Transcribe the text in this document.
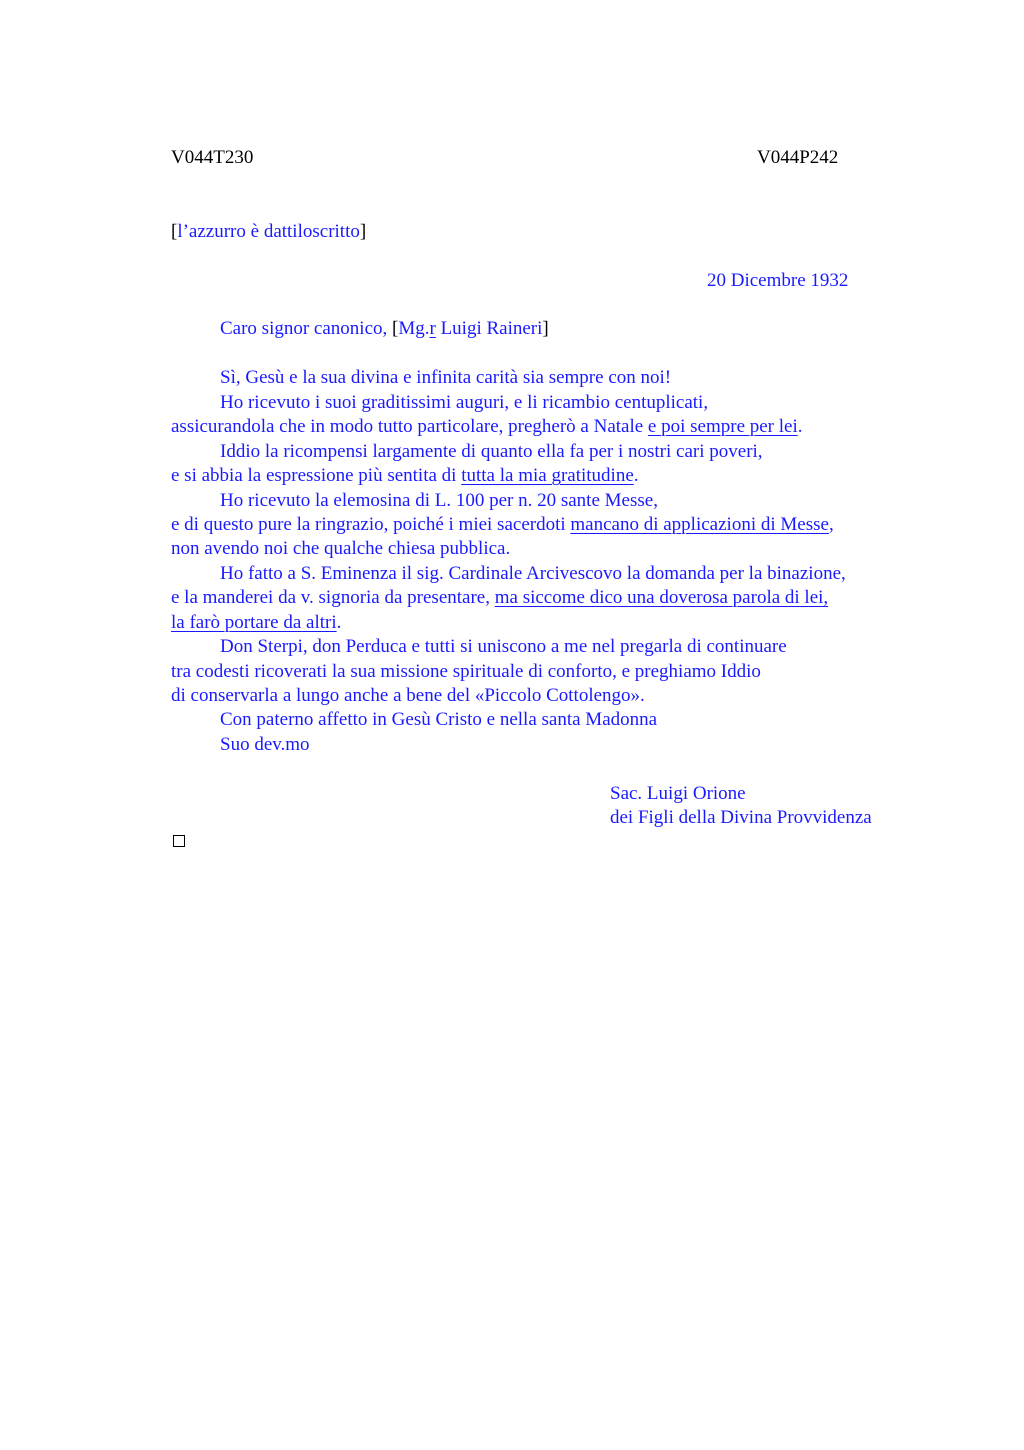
V044T230	V044P242
[l’azzurro è dattiloscritto]
20 Dicembre 1932
Caro signor canonico, [Mg.r Luigi Raineri]
Sì, Gesù e la sua divina e infinita carità sia sempre con noi!
Ho ricevuto i suoi graditissimi auguri, e li ricambio centuplicati,
assicurandola che in modo tutto particolare, pregherò a Natale e poi sempre per lei.
Iddio la ricompensi largamente di quanto ella fa per i nostri cari poveri,
e si abbia la espressione più sentita di tutta la mia gratitudine.
Ho ricevuto la elemosina di L. 100 per n. 20 sante Messe,
e di questo pure la ringrazio, poiché i miei sacerdoti mancano di applicazioni di Messe,
non avendo noi che qualche chiesa pubblica.
Ho fatto a S. Eminenza il sig. Cardinale Arcivescovo la domanda per la binazione,
e la manderei da v. signoria da presentare, ma siccome dico una doverosa parola di lei,
la farò portare da altri.
Don Sterpi, don Perduca e tutti si uniscono a me nel pregarla di continuare
tra codesti ricoverati la sua missione spirituale di conforto, e preghiamo Iddio
di conservarla a lungo anche a bene del «Piccolo Cottolengo».
Con paterno affetto in Gesù Cristo e nella santa Madonna
Suo dev.mo
Sac. Luigi Orione
dei Figli della Divina Provvidenza
